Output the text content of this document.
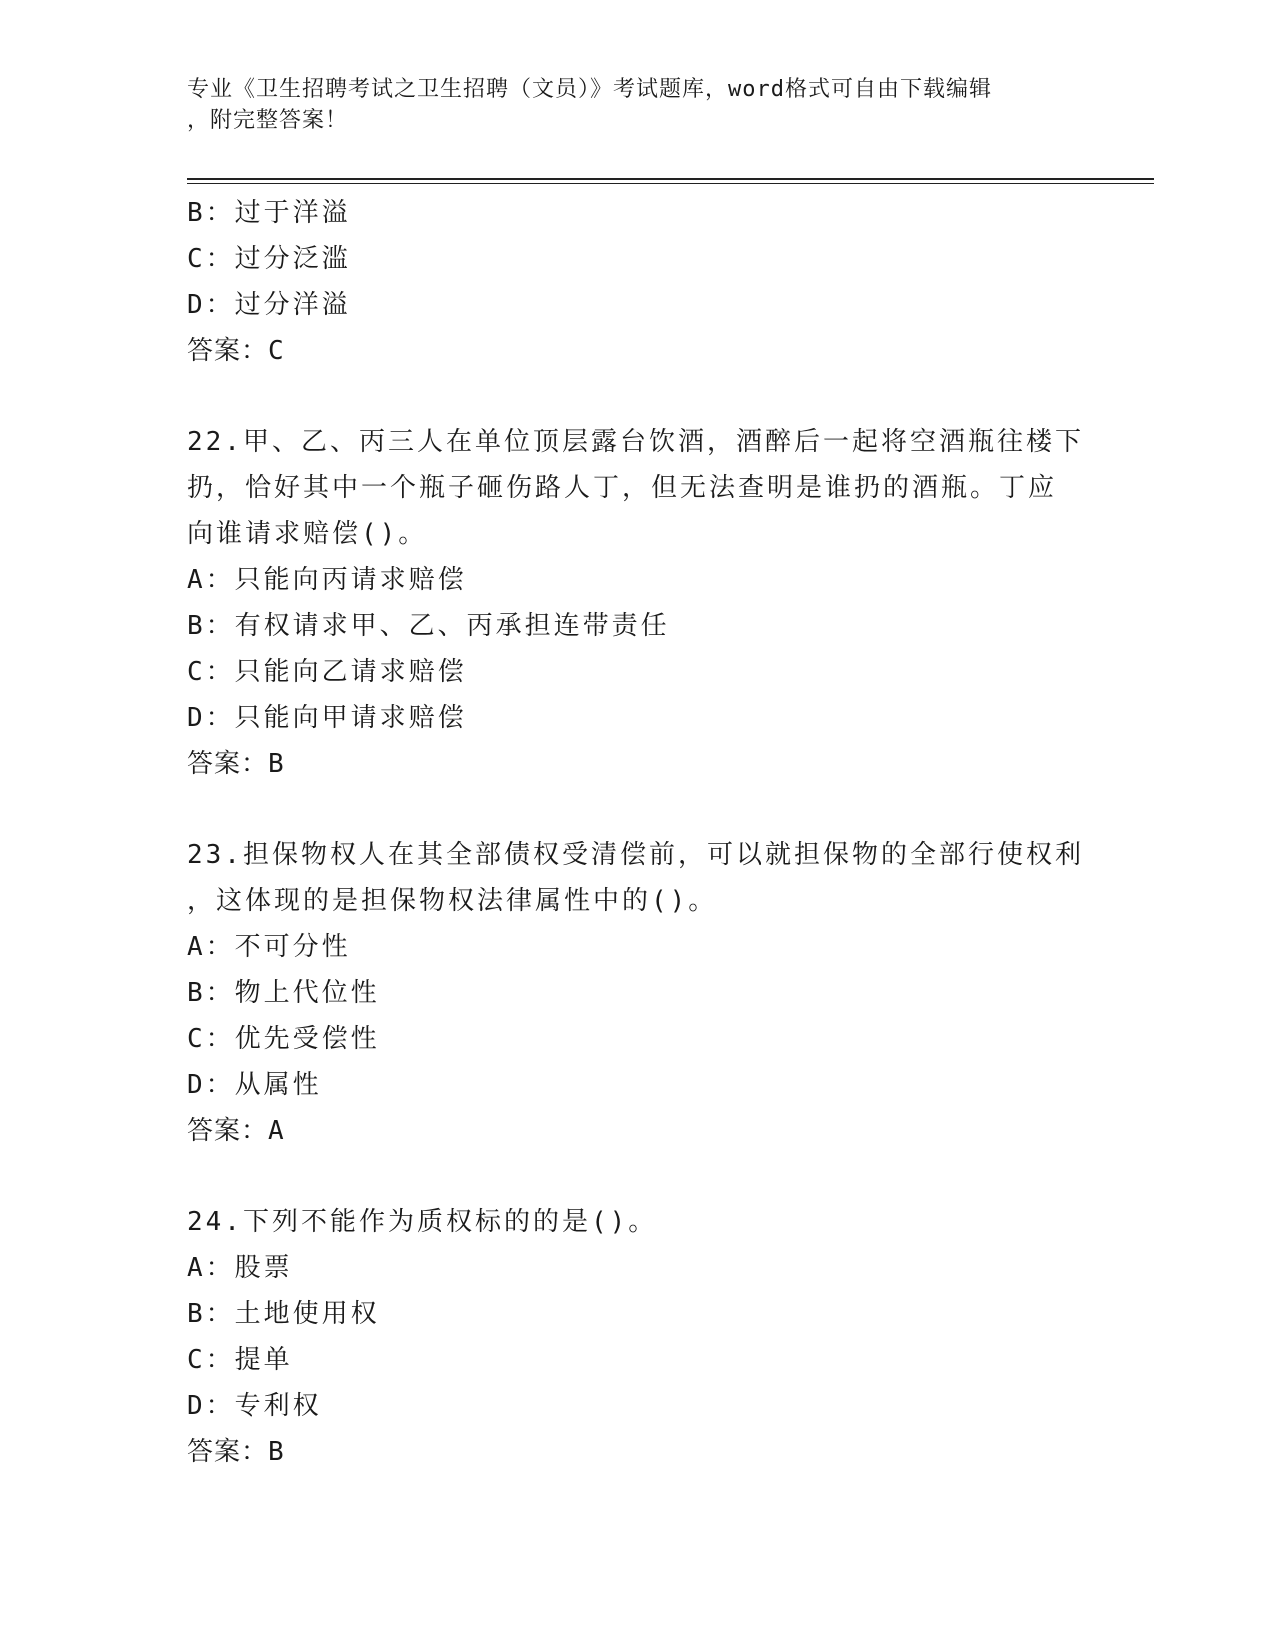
专业《卫生招聘考试之卫生招聘（文员）》考试题库，word格式可自由下载编辑
，附完整答案！
B：过于洋溢
C：过分泛滥
D：过分洋溢
答案：C
22.甲、乙、丙三人在单位顶层露台饮酒，酒醉后一起将空酒瓶往楼下
扔，恰好其中一个瓶子砸伤路人丁，但无法查明是谁扔的酒瓶。丁应
向谁请求赔偿()。
A：只能向丙请求赔偿
B：有权请求甲、乙、丙承担连带责任
C：只能向乙请求赔偿
D：只能向甲请求赔偿
答案：B
23.担保物权人在其全部债权受清偿前，可以就担保物的全部行使权利
，这体现的是担保物权法律属性中的()。
A：不可分性
B：物上代位性
C：优先受偿性
D：从属性
答案：A
24.下列不能作为质权标的的是()。
A：股票
B：土地使用权
C：提单
D：专利权
答案：B
